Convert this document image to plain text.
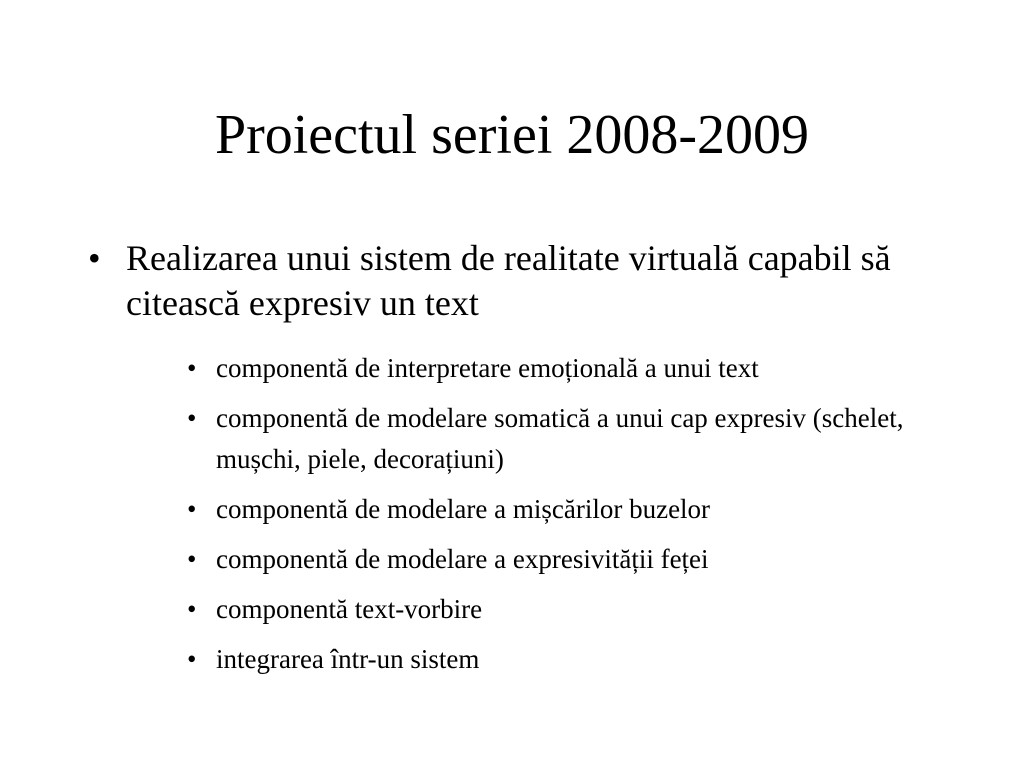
Proiectul seriei 2008-2009
• Realizarea unui sistem de realitate virtuală capabil să citească expresiv un text
• componentă de interpretare emoțională a unui text
• componentă de modelare somatică a unui cap expresiv (schelet, mușchi, piele, decorațiuni)
• componentă de modelare a mișcărilor buzelor
• componentă de modelare a expresivității feței
• componentă text-vorbire
• integrarea într-un sistem
